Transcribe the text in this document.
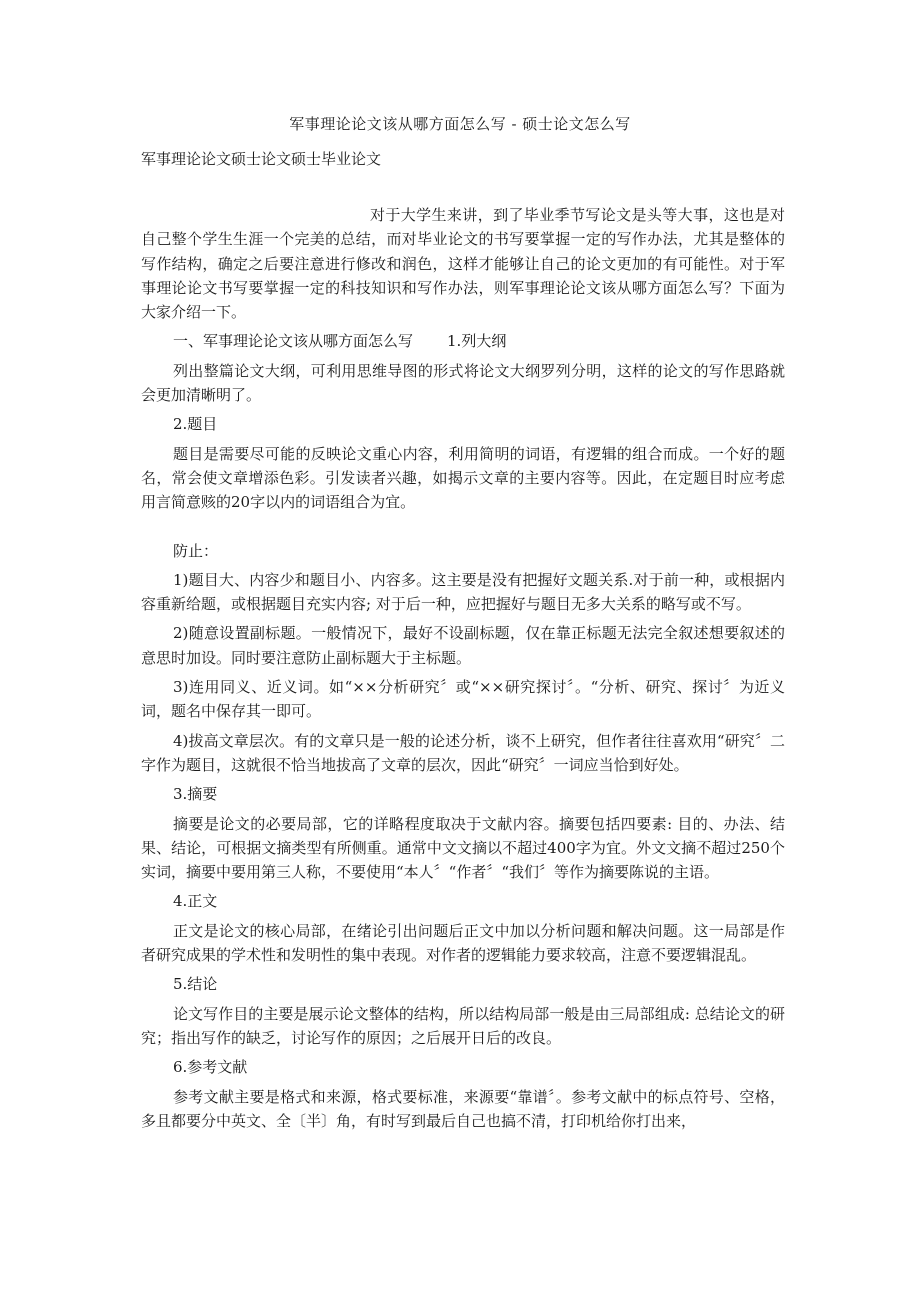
军事理论论文该从哪方面怎么写 - 硕士论文怎么写
军事理论论文硕士论文硕士毕业论文

对于大学生来讲，到了毕业季节写论文是头等大事，这也是对自己整个学生生涯一个完美的总结，而对毕业论文的书写要掌握一定的写作办法，尤其是整体的写作结构，确定之后要注意进行修改和润色，这样才能够让自己的论文更加的有可能性。对于军事理论论文书写要掌握一定的科技知识和写作办法，则军事理论论文该从哪方面怎么写？下面为大家介绍一下。

一、军事理论论文该从哪方面怎么写 1.列大纲

列出整篇论文大纲，可利用思维导图的形式将论文大纲罗列分明，这样的论文的写作思路就会更加清晰明了。

2.题目

题目是需要尽可能的反映论文重心内容，利用简明的词语，有逻辑的组合而成。一个好的题名，常会使文章增添色彩。引发读者兴趣，如揭示文章的主要内容等。因此，在定题目时应考虑用言简意赅的20字以内的词语组合为宜。

防止：

1)题目大、内容少和题目小、内容多。这主要是没有把握好文题关系.对于前一种，或根据内容重新给题，或根据题目充实内容; 对于后一种，应把握好与题目无多大关系的略写或不写。

2)随意设置副标题。一般情况下，最好不设副标题，仅在靠正标题无法完全叙述想要叙述的意思时加设。同时要注意防止副标题大于主标题。

3)连用同义、近义词。如“××分析研究〞或“××研究探讨〞。“分析、研究、探讨〞为近义词，题名中保存其一即可。

4)拔高文章层次。有的文章只是一般的论述分析，谈不上研究，但作者往往喜欢用“研究〞二字作为题目，这就很不恰当地拔高了文章的层次，因此“研究〞一词应当恰到好处。

3.摘要

摘要是论文的必要局部，它的详略程度取决于文献内容。摘要包括四要素: 目的、办法、结果、结论，可根据文摘类型有所侧重。通常中文文摘以不超过400字为宜。外文文摘不超过250个实词，摘要中要用第三人称，不要使用“本人〞“作者〞“我们〞等作为摘要陈说的主语。

4.正文

正文是论文的核心局部，在绪论引出问题后正文中加以分析问题和解决问题。这一局部是作者研究成果的学术性和发明性的集中表现。对作者的逻辑能力要求较高，注意不要逻辑混乱。

5.结论

论文写作目的主要是展示论文整体的结构，所以结构局部一般是由三局部组成: 总结论文的研究；指出写作的缺乏，讨论写作的原因；之后展开日后的改良。

6.参考文献

参考文献主要是格式和来源，格式要标准，来源要“靠谱〞。参考文献中的标点符号、空格，多且都要分中英文、全〔半〕角，有时写到最后自己也搞不清，打印机给你打出来，
